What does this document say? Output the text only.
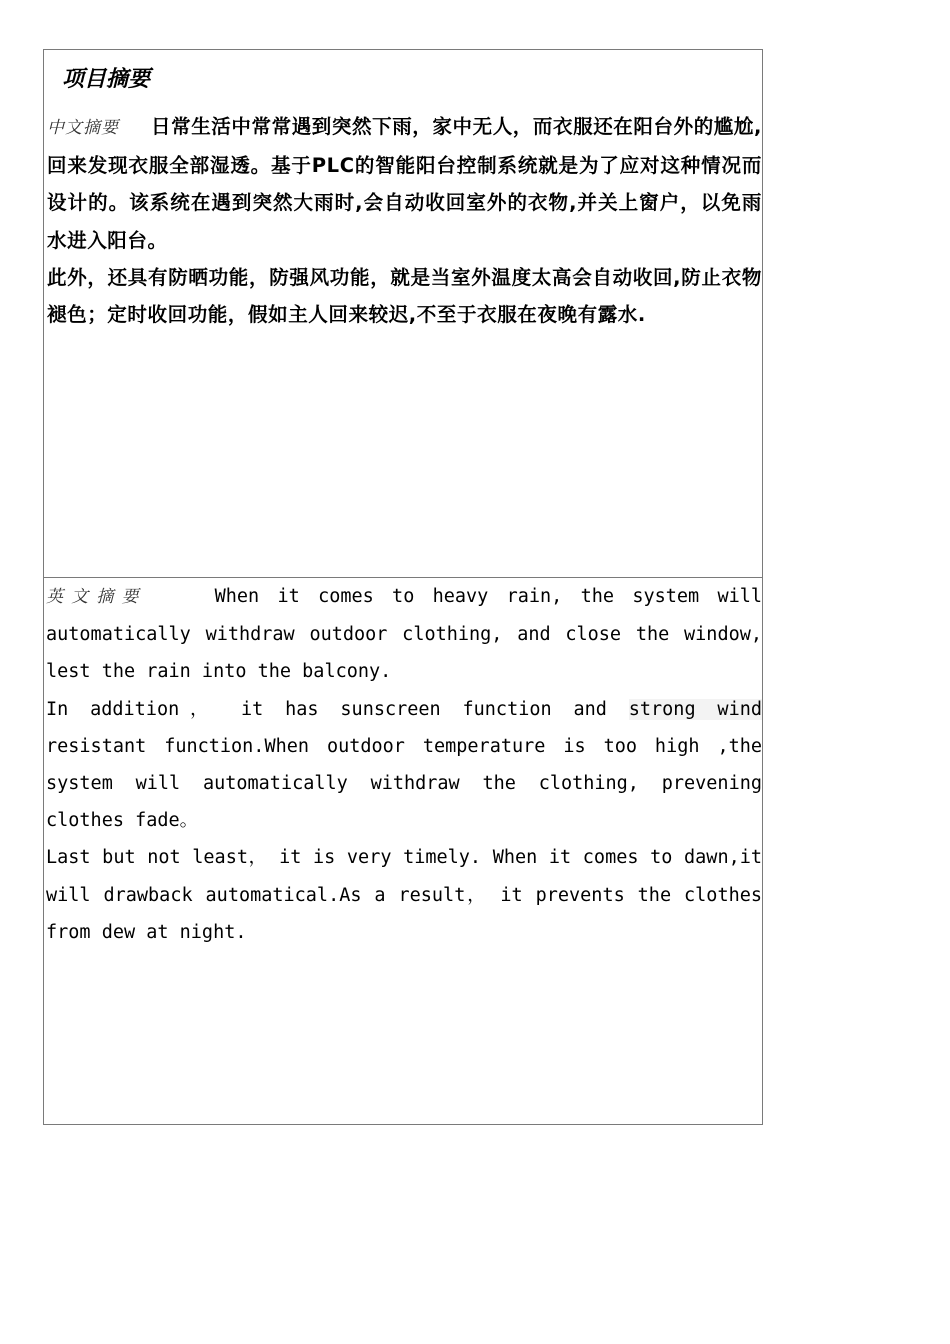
项目摘要

中文摘要 日常生活中常常遇到突然下雨，家中无人，而衣服还在阳台外的尴尬,回来发现衣服全部湿透。基于PLC的智能阳台控制系统就是为了应对这种情况而设计的。该系统在遇到突然大雨时,会自动收回室外的衣物,并关上窗户，以免雨水进入阳台。

此外，还具有防晒功能，防强风功能，就是当室外温度太高会自动收回,防止衣物褪色；定时收回功能，假如主人回来较迟,不至于衣服在夜晚有露水.

英文摘要	When it comes to heavy rain, the system will automatically withdraw outdoor clothing, and close the window, lest the rain into the balcony.

In addition， it has sunscreen function and strong wind resistant function.When outdoor temperature is too high ,the system will automatically withdraw the clothing, prevening clothes fade。

Last but not least， it is very timely. When it comes to dawn,it will drawback automatical.As a result， it prevents the clothes from dew at night.
